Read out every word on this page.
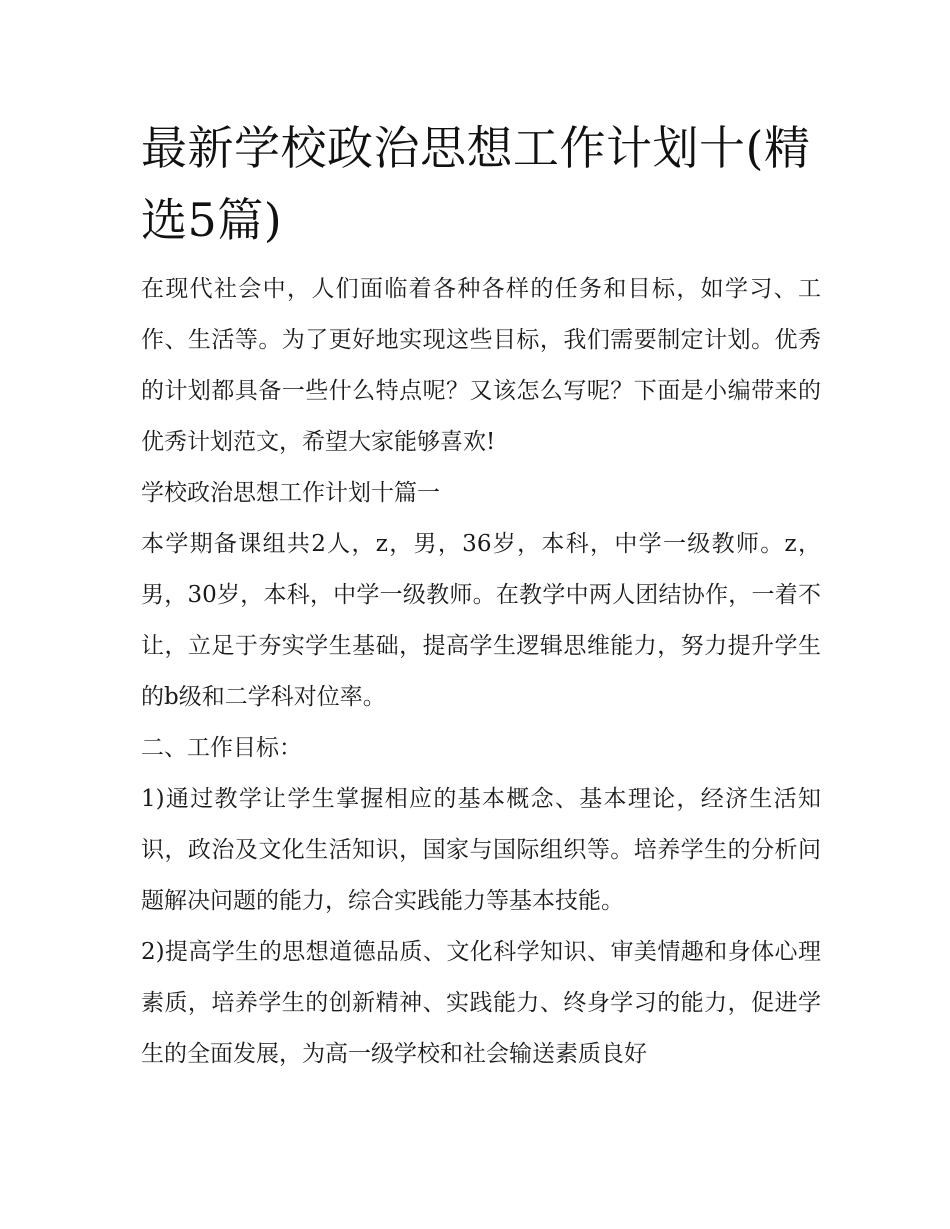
最新学校政治思想工作计划十(精选5篇)

在现代社会中，人们面临着各种各样的任务和目标，如学习、工作、生活等。为了更好地实现这些目标，我们需要制定计划。优秀的计划都具备一些什么特点呢？又该怎么写呢？下面是小编带来的优秀计划范文，希望大家能够喜欢!

学校政治思想工作计划十篇一

本学期备课组共2人，z，男，36岁，本科，中学一级教师。z，男，30岁，本科，中学一级教师。在教学中两人团结协作，一着不让，立足于夯实学生基础，提高学生逻辑思维能力，努力提升学生的b级和二学科对位率。

二、工作目标：

1)通过教学让学生掌握相应的基本概念、基本理论，经济生活知识，政治及文化生活知识，国家与国际组织等。培养学生的分析问题解决问题的能力，综合实践能力等基本技能。

2)提高学生的思想道德品质、文化科学知识、审美情趣和身体心理素质，培养学生的创新精神、实践能力、终身学习的能力，促进学生的全面发展，为高一级学校和社会输送素质良好
